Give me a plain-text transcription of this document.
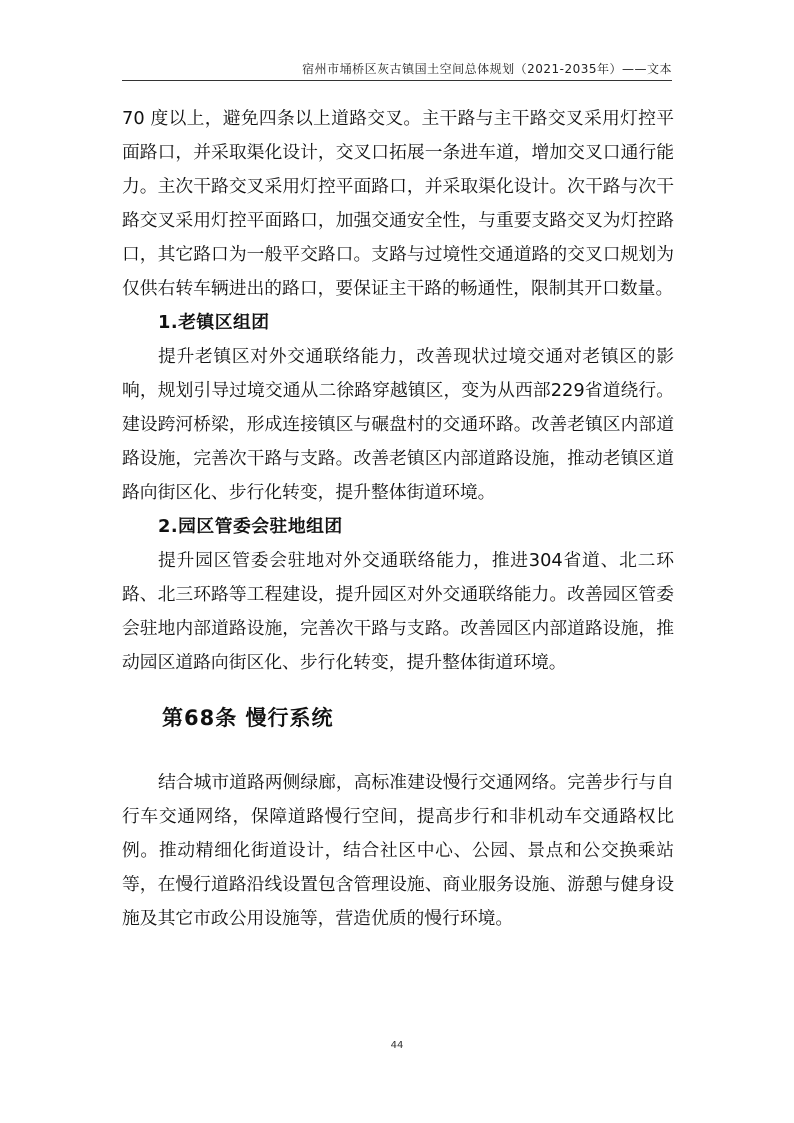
宿州市埇桥区灰古镇国土空间总体规划（2021-2035年）——文本

70 度以上，避免四条以上道路交叉。主干路与主干路交叉采用灯控平面路口，并采取渠化设计，交叉口拓展一条进车道，增加交叉口通行能力。主次干路交叉采用灯控平面路口，并采取渠化设计。次干路与次干路交叉采用灯控平面路口，加强交通安全性，与重要支路交叉为灯控路口，其它路口为一般平交路口。支路与过境性交通道路的交叉口规划为仅供右转车辆进出的路口，要保证主干路的畅通性，限制其开口数量。

1.老镇区组团

提升老镇区对外交通联络能力，改善现状过境交通对老镇区的影响，规划引导过境交通从二徐路穿越镇区，变为从西部229省道绕行。建设跨河桥梁，形成连接镇区与碾盘村的交通环路。改善老镇区内部道路设施，完善次干路与支路。改善老镇区内部道路设施，推动老镇区道路向街区化、步行化转变，提升整体街道环境。

2.园区管委会驻地组团

提升园区管委会驻地对外交通联络能力，推进304省道、北二环路、北三环路等工程建设，提升园区对外交通联络能力。改善园区管委会驻地内部道路设施，完善次干路与支路。改善园区内部道路设施，推动园区道路向街区化、步行化转变，提升整体街道环境。

第68条 慢行系统

结合城市道路两侧绿廊，高标准建设慢行交通网络。完善步行与自行车交通网络，保障道路慢行空间，提高步行和非机动车交通路权比例。推动精细化街道设计，结合社区中心、公园、景点和公交换乘站等，在慢行道路沿线设置包含管理设施、商业服务设施、游憩与健身设施及其它市政公用设施等，营造优质的慢行环境。

44
